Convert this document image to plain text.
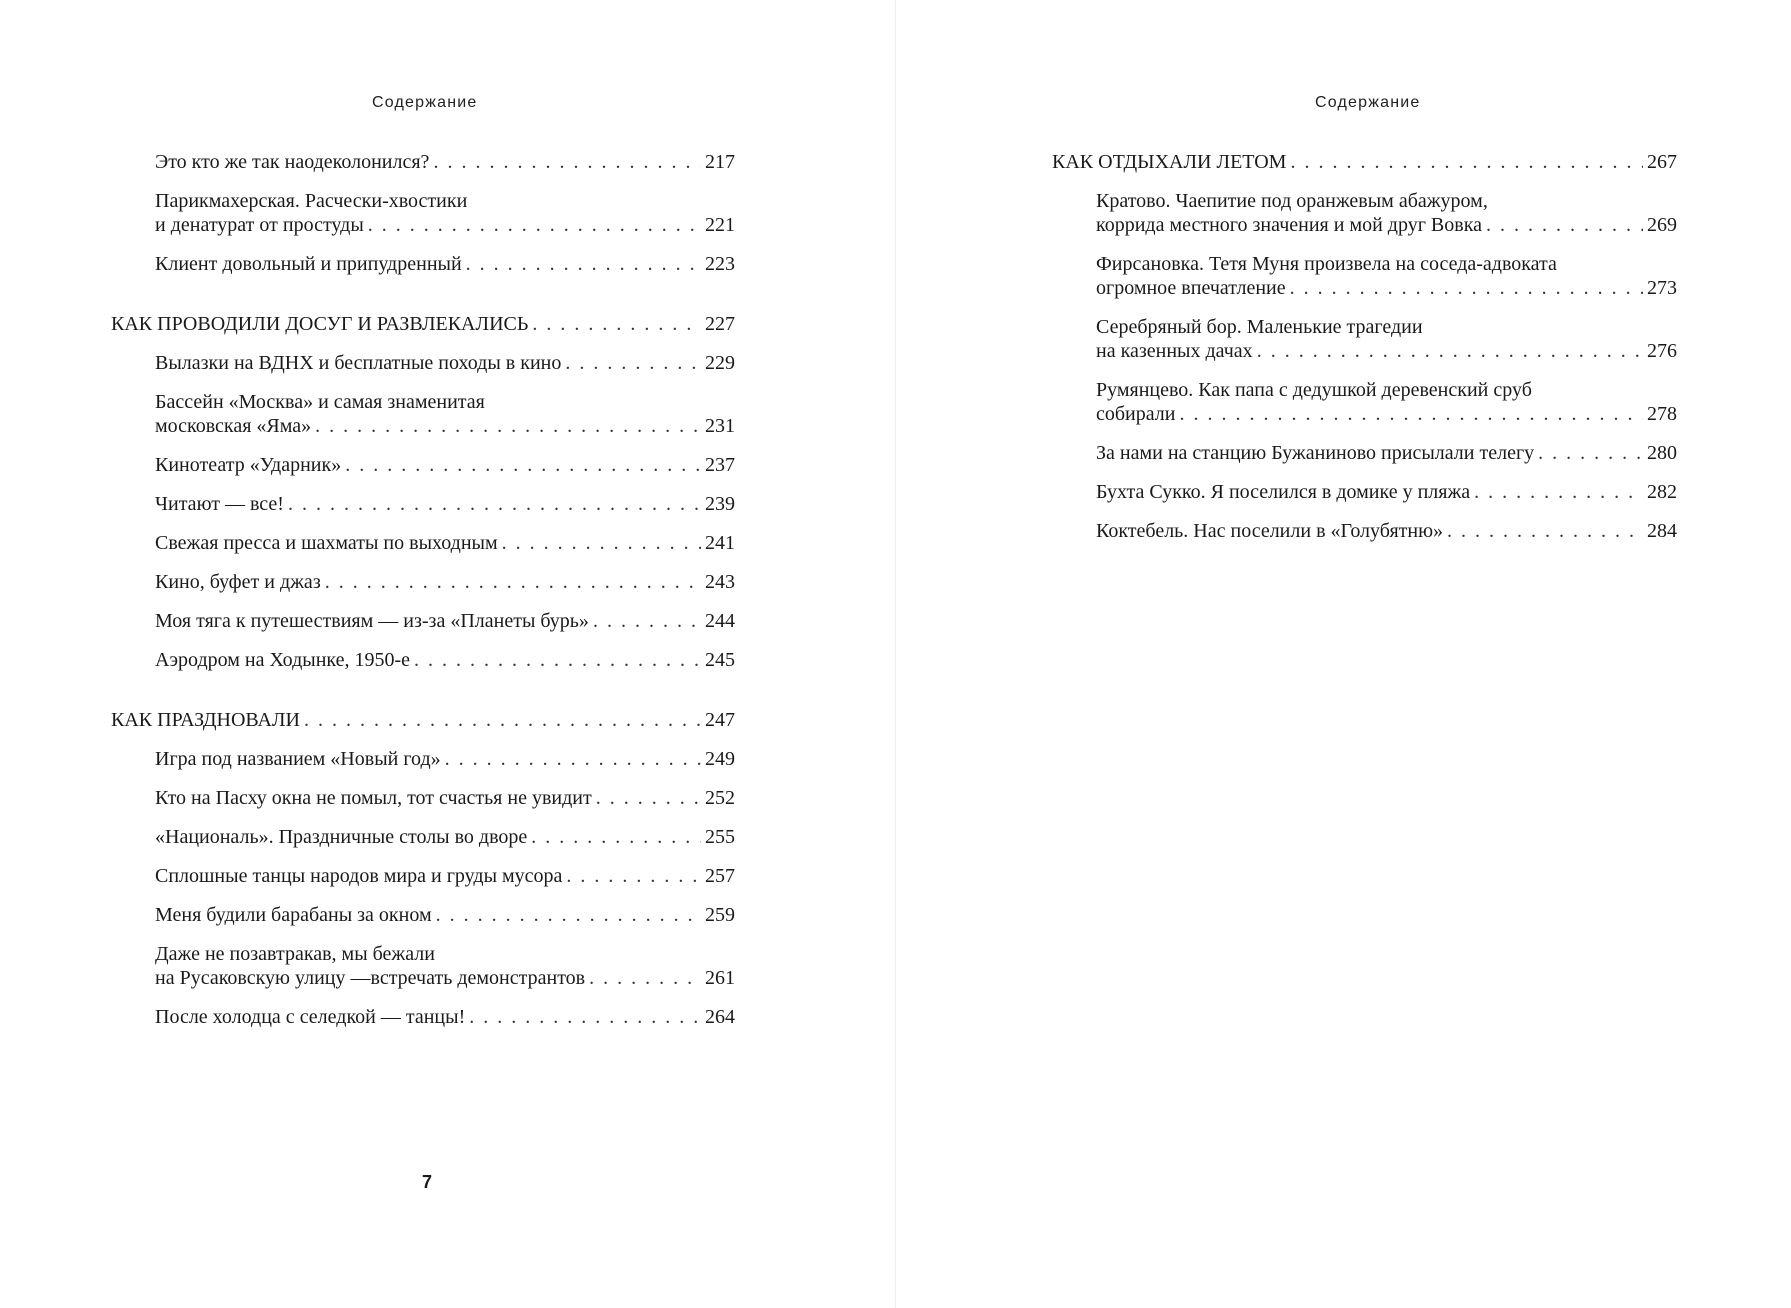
Содержание
Это кто же так наодеколонился? . . .	217
Парикмахерская. Расчески-хвостики
и денатурат от простуды . . .	221
Клиент довольный и припудренный . . .	223
КАК ПРОВОДИЛИ ДОСУГ И РАЗВЛЕКАЛИСЬ . . .	227
Вылазки на ВДНХ и бесплатные походы в кино . . .	229
Бассейн «Москва» и самая знаменитая
московская «Яма» . . .	231
Кинотеатр «Ударник» . . .	237
Читают — все! . . .	239
Свежая пресса и шахматы по выходным . . .	241
Кино, буфет и джаз . . .	243
Моя тяга к путешествиям — из-за «Планеты бурь» . . .	244
Аэродром на Ходынке, 1950-е . . .	245
КАК ПРАЗДНОВАЛИ . . .	247
Игра под названием «Новый год» . . .	249
Кто на Пасху окна не помыл, тот счастья не увидит . . .	252
«Националь». Праздничные столы во дворе . . .	255
Сплошные танцы народов мира и груды мусора . . .	257
Меня будили барабаны за окном . . .	259
Даже не позавтракав, мы бежали
на Русаковскую улицу —встречать демонстрантов . . .	261
После холодца с селедкой — танцы! . . .	264
7
Содержание
КАК ОТДЫХАЛИ ЛЕТОМ . . .	267
Кратово. Чаепитие под оранжевым абажуром,
коррида местного значения и мой друг Вовка . . .	269
Фирсановка. Тетя Муня произвела на соседа-адвоката
огромное впечатление . . .	273
Серебряный бор. Маленькие трагедии
на казенных дачах . . .	276
Румянцево. Как папа с дедушкой деревенский сруб
собирали . . .	278
За нами на станцию Бужаниново присылали телегу . . .	280
Бухта Сукко. Я поселился в домике у пляжа . . .	282
Коктебель. Нас поселили в «Голубятню» . . .	284
